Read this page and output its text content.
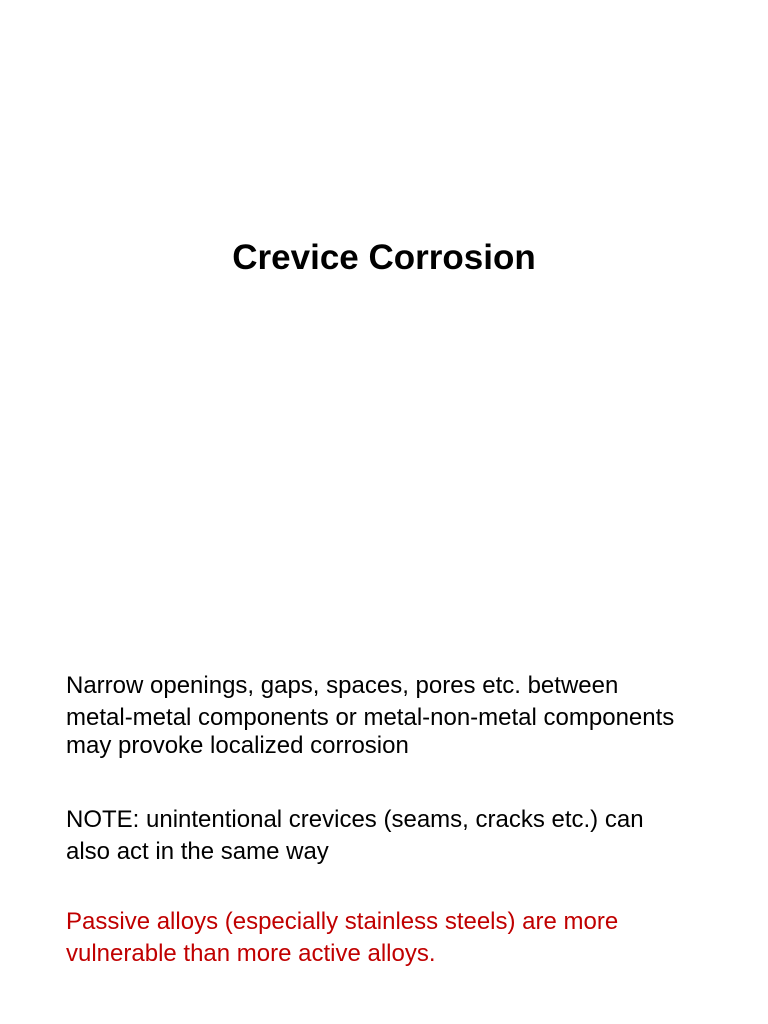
Crevice Corrosion

Narrow openings, gaps, spaces, pores etc. between
metal-metal components or metal-non-metal components
may provoke localized corrosion

NOTE: unintentional crevices (seams, cracks etc.) can
also act in the same way

Passive alloys (especially stainless steels) are more
vulnerable than more active alloys.
